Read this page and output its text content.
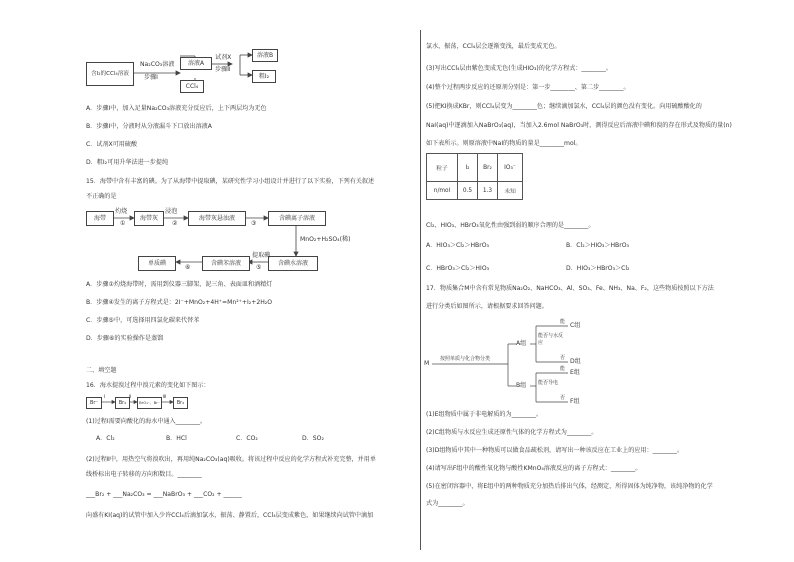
含I₂的CCl₄溶液
Na₂CO₃溶液
步骤Ⅰ
溶液A
CCl₄
试剂X
步骤Ⅱ
溶液B
粗I₂
A．步骤Ⅰ中，加入足量Na₂CO₃溶液充分反应后，上下两层均为无色
B．步骤Ⅰ中，分液时从分液漏斗下口放出溶液A
C．试剂X可用硫酸
D．粗I₂可用升华法进一步提纯
15．海带中含有丰富的碘。为了从海带中提取碘，某研究性学习小组设计并进行了以下实验，下列有关叙述
不正确的是
海带
灼烧
①
海带灰
浸泡
②
海带灰悬浊液
③
含碘离子溶液
MnO₂+H₂SO₄(稀)
含碘水溶液
提取碘
⑤
含碘苯溶液
⑥
单质碘
A．步骤①灼烧海带时，需用到仪器三脚架、泥三角、表面皿和酒精灯
B．步骤④发生的离子方程式是：2I⁻+MnO₂+4H⁺=Mn²⁺+I₂+2H₂O
C．步骤⑤中，可选择用四氯化碳来代替苯
D．步骤⑥的实验操作是蒸馏
二、填空题
16．海水提溴过程中溴元素的变化如下图示：
Br⁻
Ⅰ
Br₂
Ⅱ
BrO₃⁻、Br⁻
Ⅲ
Br₂
(1)过程Ⅰ需要向酸化的海水中通入________。
A．Cl₂	B．HCl	C．CO₂	D．SO₂
(2)过程Ⅱ中，用热空气将溴吹出，再用纯Na₂CO₃(aq)吸收。将该过程中反应的化学方程式补充完整，并用单
线桥标出电子转移的方向和数目。________
___Br₂ + ___Na₂CO₃ = ___NaBrO₃ + ___CO₂ + ______
向盛有KI(aq)的试管中加入少许CCl₄后滴加氯水，振荡、静置后，CCl₄层变成紫色，如果继续向试管中滴加
氯水，振荡，CCl₄层会逐渐变浅，最后变成无色。
(3)写出CCl₄层由紫色变成无色(生成HIO₃)的化学方程式：________。
(4)整个过程两步反应的还原剂分别是：第一步________、第二步________。
(5)把KI换成KBr，则CCl₄层变为________色；继续滴加氯水，CCl₄层的颜色没有变化。向用硫酸酸化的
NaI(aq)中逐滴加入NaBrO₃(aq)，当加入2.6mol NaBrO₃时，测得反应后溶液中碘和溴的存在形式及物质的量(n)
如下表所示。则原溶液中NaI的物质的量是________mol。
粒子	I₂	Br₂	IO₃⁻
n/mol	0.5	1.3	未知
Cl₂、HIO₃、HBrO₃氧化性由强到弱的顺序合理的是________。
A．HIO₃＞Cl₂＞HBrO₃	B．Cl₂＞HIO₃＞HBrO₃
C．HBrO₃＞Cl₂＞HIO₃	D．HIO₃＞HBrO₃＞Cl₂
17．物质集合M中含有常见物质Na₂O₂、NaHCO₃、Al、SO₃、Fe、NH₃、Na、F₂，这些物质按照以下方法
进行分类后如图所示，请根据要求回答问题。
M
按照单质与化合物分类
A组
B组
能否与水反应
能否导电
能
否
能
否
C组
D组
E组
F组
(1)E组物质中属于非电解质的为________。
(2)C组物质与水反应生成还原性气体的化学方程式为________。
(3)D组物质中其中一种物质可以做食品疏松剂，请写出一种该反应在工业上的应用：________。
(4)请写出F组中的酸性氧化物与酸性KMnO₄溶液反应的离子方程式：________。
(5)在密闭容器中，将E组中的两种物质充分加热后排出气体，经测定，所得固体为纯净物，该纯净物的化学
式为________。
